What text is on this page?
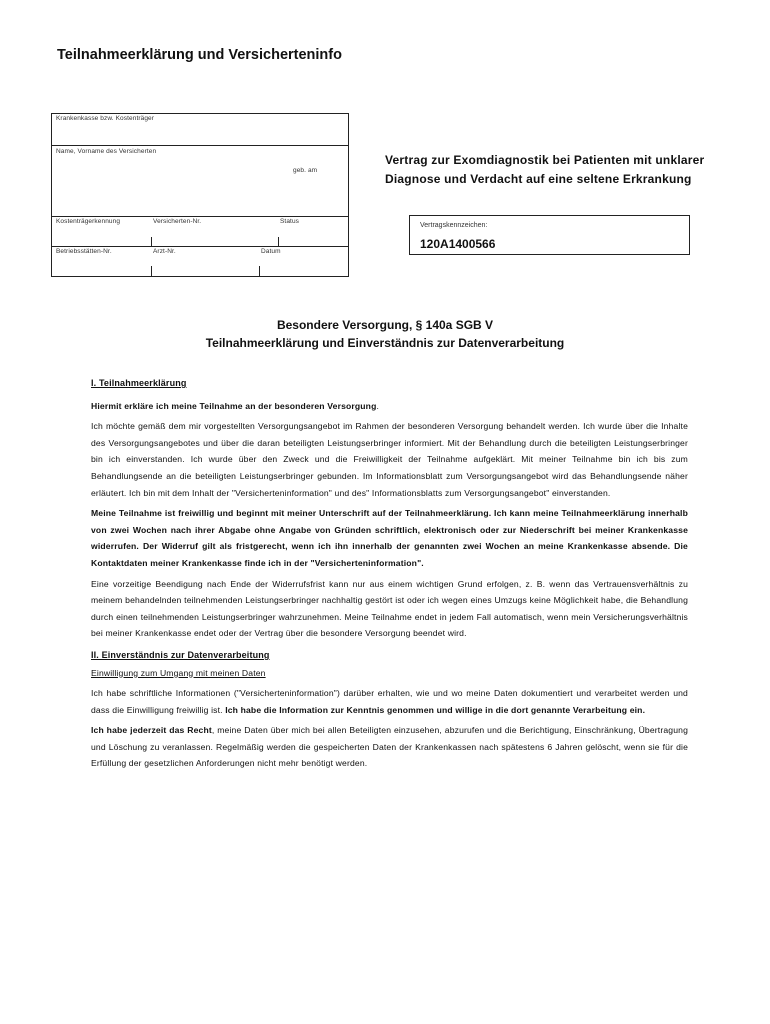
Teilnahmeerklärung und Versicherteninfo
Krankenkasse bzw. Kostenträger
Name, Vorname des Versicherten
geb. am
Kostenträgerkennung	Versicherten-Nr.	Status
Betriebsstätten-Nr.	Arzt-Nr.	Datum
Vertrag zur Exomdiagnostik bei Patienten mit unklarer Diagnose und Verdacht auf eine seltene Erkrankung
Vertragskennzeichen:
120A1400566
Besondere Versorgung, § 140a SGB V
Teilnahmeerklärung und Einverständnis zur Datenverarbeitung

I. Teilnahmeerklärung

Hiermit erkläre ich meine Teilnahme an der besonderen Versorgung.

Ich möchte gemäß dem mir vorgestellten Versorgungsangebot im Rahmen der besonderen Versorgung behandelt werden. Ich wurde über die Inhalte des Versorgungsangebotes und über die daran beteiligten Leistungserbringer informiert. Mit der Behandlung durch die beteiligten Leistungserbringer bin ich einverstanden. Ich wurde über den Zweck und die Freiwilligkeit der Teilnahme aufgeklärt. Mit meiner Teilnahme bin ich bis zum Behandlungsende an die beteiligten Leistungserbringer gebunden. Im Informationsblatt zum Versorgungsangebot wird das Behandlungsende näher erläutert. Ich bin mit dem Inhalt der "Versicherteninformation" und des" Informationsblatts zum Versorgungsangebot" einverstanden.

Meine Teilnahme ist freiwillig und beginnt mit meiner Unterschrift auf der Teilnahmeerklärung. Ich kann meine Teilnahmeerklärung innerhalb von zwei Wochen nach ihrer Abgabe ohne Angabe von Gründen schriftlich, elektronisch oder zur Niederschrift bei meiner Krankenkasse widerrufen. Der Widerruf gilt als fristgerecht, wenn ich ihn innerhalb der genannten zwei Wochen an meine Krankenkasse absende. Die Kontaktdaten meiner Krankenkasse finde ich in der "Versicherteninformation".

Eine vorzeitige Beendigung nach Ende der Widerrufsfrist kann nur aus einem wichtigen Grund erfolgen, z. B. wenn das Vertrauensverhältnis zu meinem behandelnden teilnehmenden Leistungserbringer nachhaltig gestört ist oder ich wegen eines Umzugs keine Möglichkeit habe, die Behandlung durch einen teilnehmenden Leistungserbringer wahrzunehmen. Meine Teilnahme endet in jedem Fall automatisch, wenn mein Versicherungsverhältnis bei meiner Krankenkasse endet oder der Vertrag über die besondere Versorgung beendet wird.

II. Einverständnis zur Datenverarbeitung

Einwilligung zum Umgang mit meinen Daten

Ich habe schriftliche Informationen ("Versicherteninformation") darüber erhalten, wie und wo meine Daten dokumentiert und verarbeitet werden und dass die Einwilligung freiwillig ist. Ich habe die Information zur Kenntnis genommen und willige in die dort genannte Verarbeitung ein.

Ich habe jederzeit das Recht, meine Daten über mich bei allen Beteiligten einzusehen, abzurufen und die Berichtigung, Einschränkung, Übertragung und Löschung zu veranlassen. Regelmäßig werden die gespeicherten Daten der Krankenkassen nach spätestens 6 Jahren gelöscht, wenn sie für die Erfüllung der gesetzlichen Anforderungen nicht mehr benötigt werden.
